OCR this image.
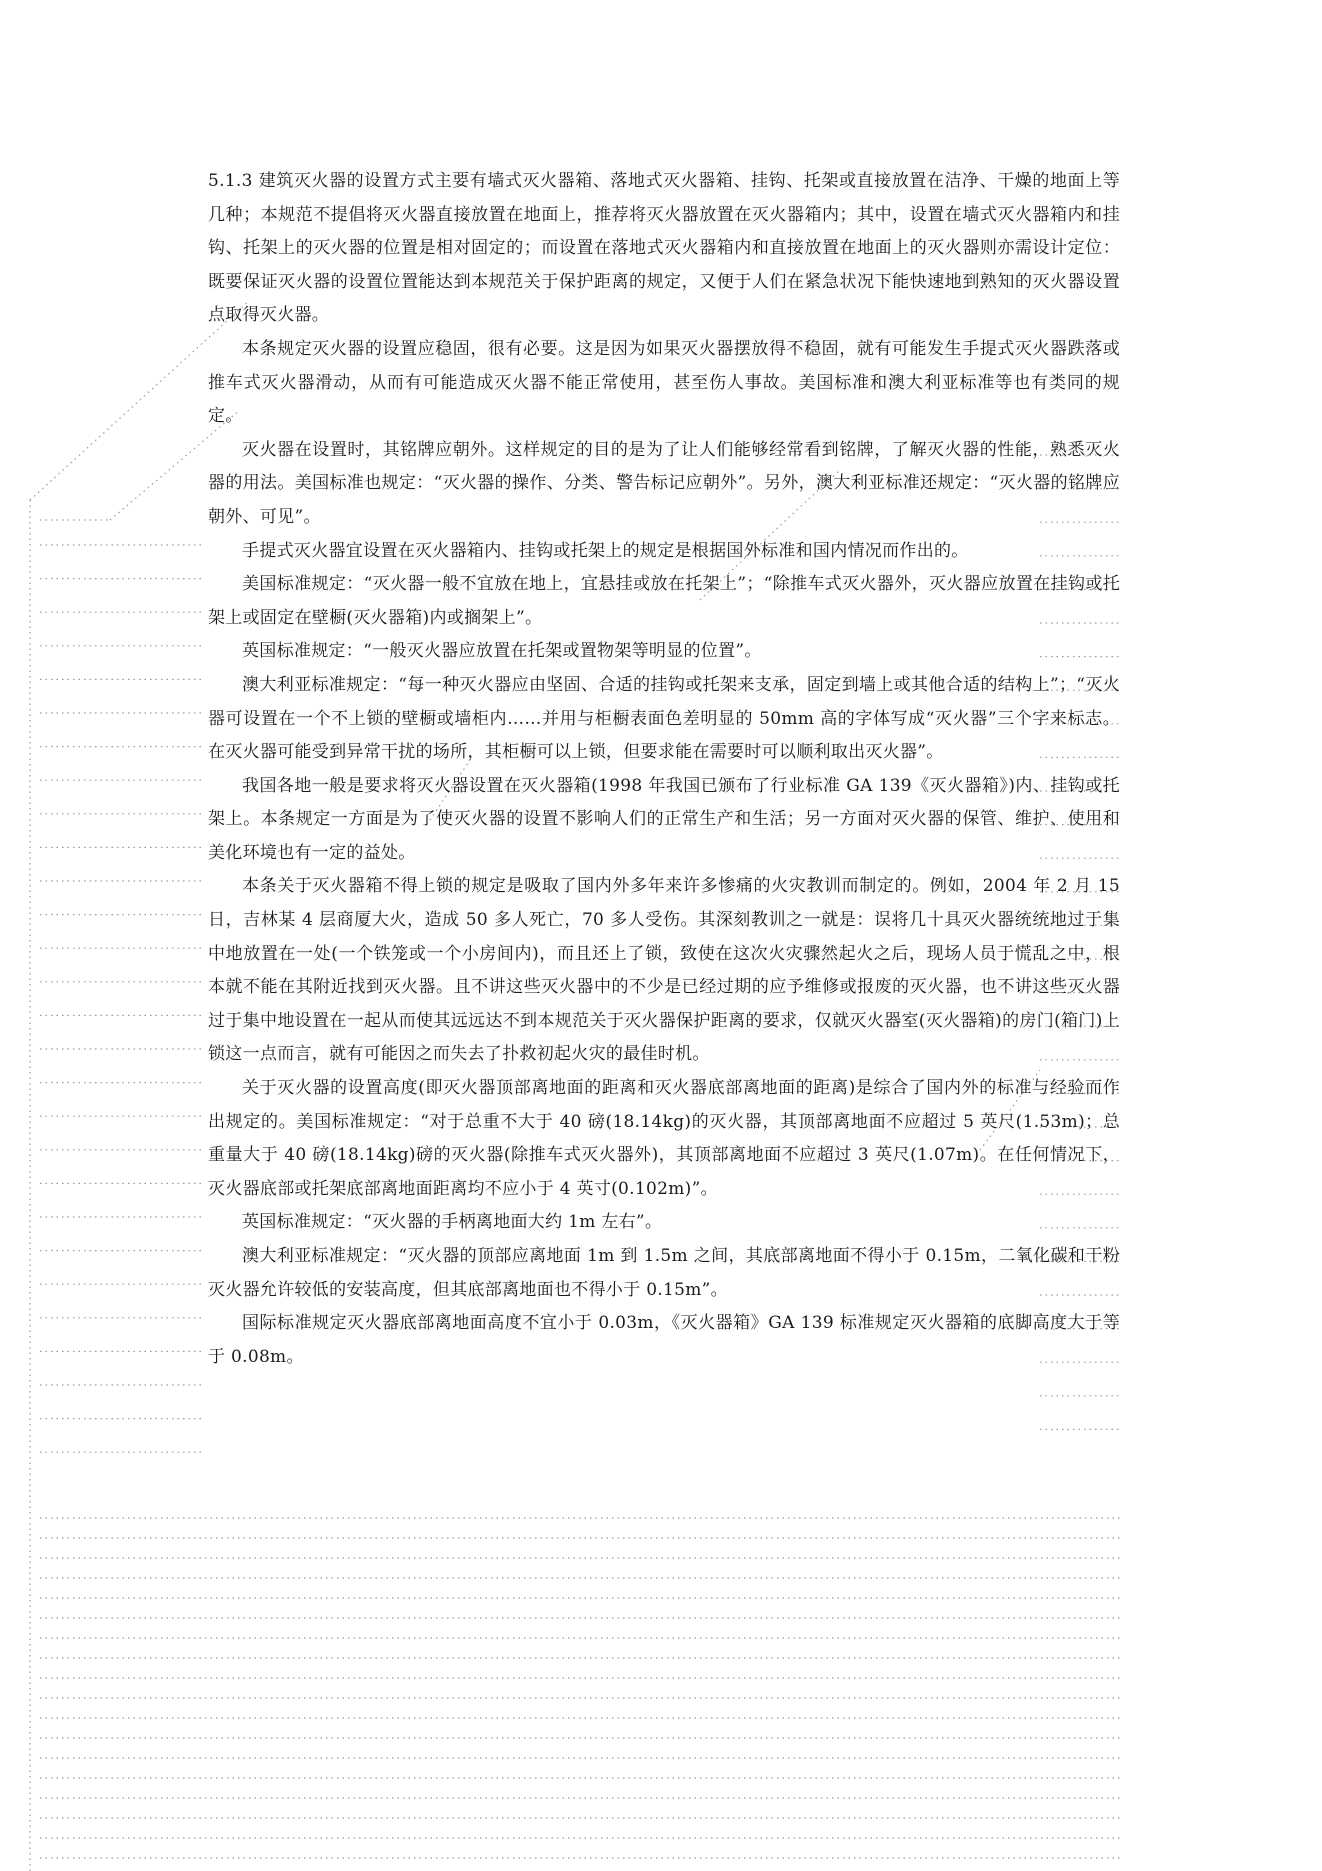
5.1.3 建筑灭火器的设置方式主要有墙式灭火器箱、落地式灭火器箱、挂钩、托架或直接放置在洁净、干燥的地面上等几种；本规范不提倡将灭火器直接放置在地面上，推荐将灭火器放置在灭火器箱内；其中，设置在墙式灭火器箱内和挂钩、托架上的灭火器的位置是相对固定的；而设置在落地式灭火器箱内和直接放置在地面上的灭火器则亦需设计定位：既要保证灭火器的设置位置能达到本规范关于保护距离的规定，又便于人们在紧急状况下能快速地到熟知的灭火器设置点取得灭火器。

本条规定灭火器的设置应稳固，很有必要。这是因为如果灭火器摆放得不稳固，就有可能发生手提式灭火器跌落或推车式灭火器滑动，从而有可能造成灭火器不能正常使用，甚至伤人事故。美国标准和澳大利亚标准等也有类同的规定。

灭火器在设置时，其铭牌应朝外。这样规定的目的是为了让人们能够经常看到铭牌，了解灭火器的性能，熟悉灭火器的用法。美国标准也规定：“灭火器的操作、分类、警告标记应朝外”。另外，澳大利亚标准还规定：“灭火器的铭牌应朝外、可见”。

手提式灭火器宜设置在灭火器箱内、挂钩或托架上的规定是根据国外标准和国内情况而作出的。

美国标准规定：“灭火器一般不宜放在地上，宜悬挂或放在托架上”；“除推车式灭火器外，灭火器应放置在挂钩或托架上或固定在壁橱(灭火器箱)内或搁架上”。

英国标准规定：“一般灭火器应放置在托架或置物架等明显的位置”。

澳大利亚标准规定：“每一种灭火器应由坚固、合适的挂钩或托架来支承，固定到墙上或其他合适的结构上”；“灭火器可设置在一个不上锁的壁橱或墙柜内……并用与柜橱表面色差明显的 50mm 高的字体写成“灭火器”三个字来标志。在灭火器可能受到异常干扰的场所，其柜橱可以上锁，但要求能在需要时可以顺利取出灭火器”。

我国各地一般是要求将灭火器设置在灭火器箱(1998 年我国已颁布了行业标准 GA 139《灭火器箱》)内、挂钩或托架上。本条规定一方面是为了使灭火器的设置不影响人们的正常生产和生活；另一方面对灭火器的保管、维护、使用和美化环境也有一定的益处。

本条关于灭火器箱不得上锁的规定是吸取了国内外多年来许多惨痛的火灾教训而制定的。例如，2004 年 2 月 15 日，吉林某 4 层商厦大火，造成 50 多人死亡，70 多人受伤。其深刻教训之一就是：误将几十具灭火器统统地过于集中地放置在一处(一个铁笼或一个小房间内)，而且还上了锁，致使在这次火灾骤然起火之后，现场人员于慌乱之中，根本就不能在其附近找到灭火器。且不讲这些灭火器中的不少是已经过期的应予维修或报废的灭火器，也不讲这些灭火器过于集中地设置在一起从而使其远远达不到本规范关于灭火器保护距离的要求，仅就灭火器室(灭火器箱)的房门(箱门)上锁这一点而言，就有可能因之而失去了扑救初起火灾的最佳时机。

关于灭火器的设置高度(即灭火器顶部离地面的距离和灭火器底部离地面的距离)是综合了国内外的标准与经验而作出规定的。美国标准规定：“对于总重不大于 40 磅(18.14kg)的灭火器，其顶部离地面不应超过 5 英尺(1.53m)；总重量大于 40 磅(18.14kg)磅的灭火器(除推车式灭火器外)，其顶部离地面不应超过 3 英尺(1.07m)。在任何情况下，灭火器底部或托架底部离地面距离均不应小于 4 英寸(0.102m)”。

英国标准规定：“灭火器的手柄离地面大约 1m 左右”。

澳大利亚标准规定：“灭火器的顶部应离地面 1m 到 1.5m 之间，其底部离地面不得小于 0.15m，二氧化碳和干粉灭火器允许较低的安装高度，但其底部离地面也不得小于 0.15m”。

国际标准规定灭火器底部离地面高度不宜小于 0.03m，《灭火器箱》GA 139 标准规定灭火器箱的底脚高度大于等于 0.08m。
